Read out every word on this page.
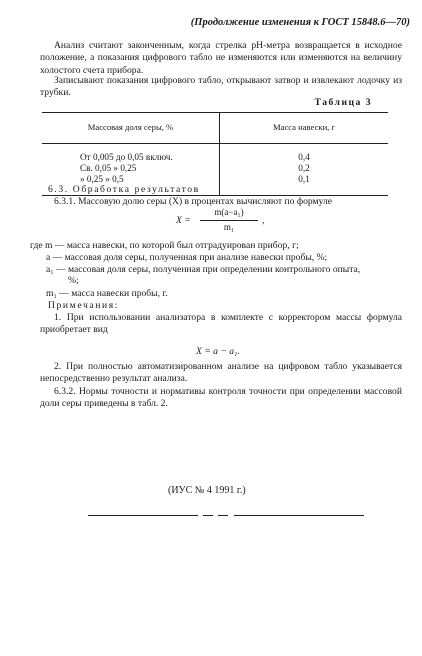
(Продолжение изменения к ГОСТ 15848.6—70)
Анализ считают законченным, когда стрелка pH-метра возвращается в исходное положение, а показания цифрового табло не изменяются или изменяются на величину холостого счета прибора.
Записывают показания цифрового табло, открывают затвор и извлекают лодочку из трубки.
Таблица 3
Массовая доля серы, %	Масса навески, г
От 0,005 до 0,05 включ.	0,4
Св. 0,05 » 0,25	0,2
» 0,25 » 0,5	0,1
6.3. Обработка результатов
6.3.1. Массовую долю серы (X) в процентах вычисляют по формуле
$X = \frac{\text{m(a−a₁)}}{\text{m₁}}$ ,
где m — масса навески, по которой был отградуирован прибор, г;
a — массовая доля серы, полученная при анализе навески пробы, %;
a₁ — массовая доля серы, полученная при определении контрольного опыта,
%;
m₁ — масса навески пробы, г.
Примечания:
1. При использовании анализатора в комплекте с корректором массы формула приобретает вид
X = a − a₁.
2. При полностью автоматизированном анализе на цифровом табло указывается непосредственно результат анализа.
6.3.2. Нормы точности и нормативы контроля точности при определении массовой доли серы приведены в табл. 2.
(ИУС № 4 1991 г.)
